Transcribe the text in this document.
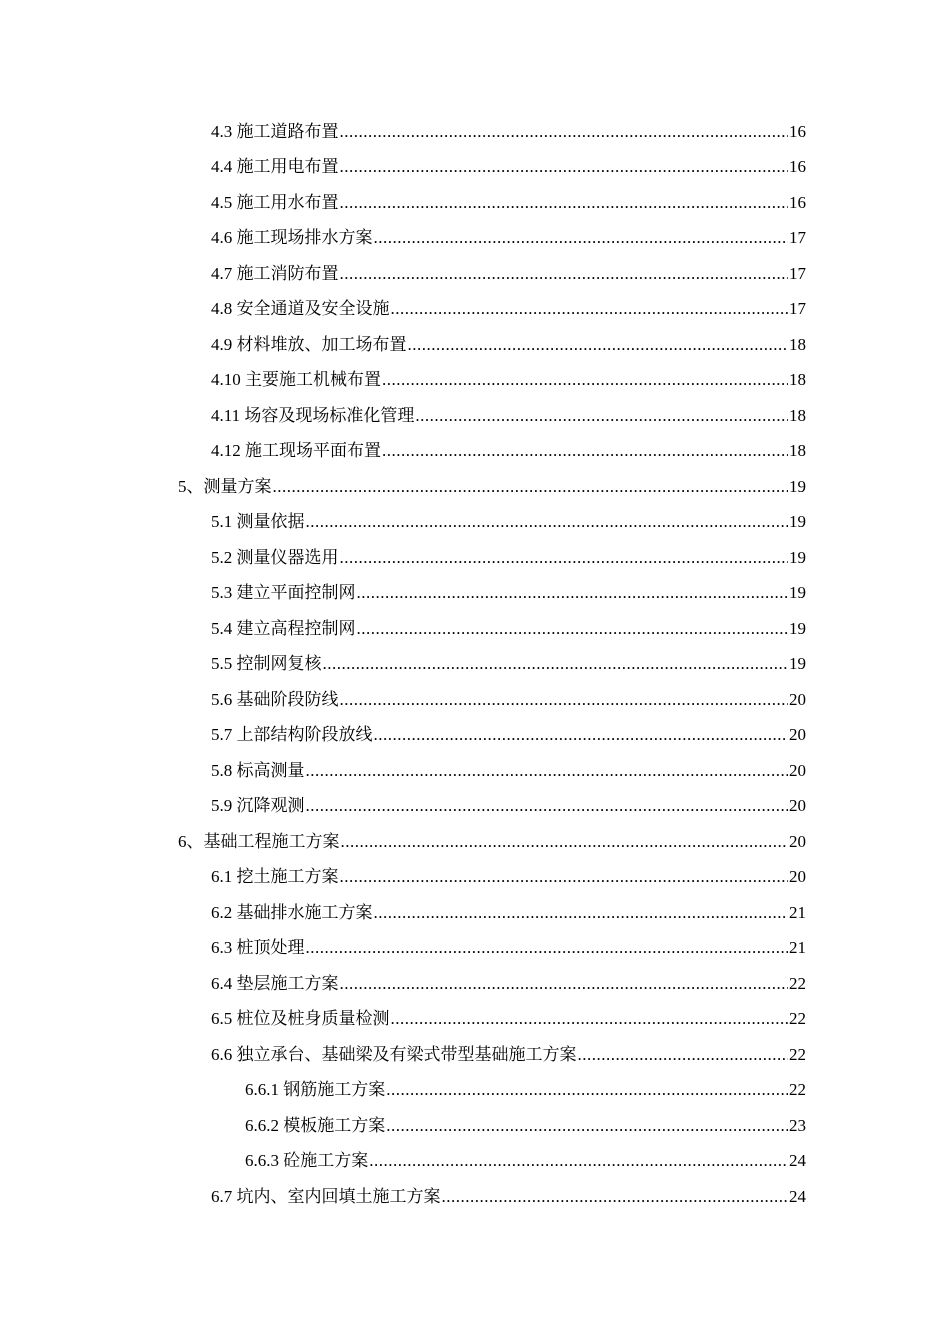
4.3 施工道路布置 .....	16
4.4 施工用电布置 .....	16
4.5 施工用水布置 .....	16
4.6 施工现场排水方案 .....	17
4.7 施工消防布置 .....	17
4.8 安全通道及安全设施 .....	17
4.9 材料堆放、加工场布置 .....	18
4.10 主要施工机械布置 .....	18
4.11 场容及现场标准化管理 .....	18
4.12 施工现场平面布置 .....	18
5、测量方案 .....	19
5.1 测量依据 .....	19
5.2 测量仪器选用 .....	19
5.3 建立平面控制网 .....	19
5.4 建立高程控制网 .....	19
5.5 控制网复核 .....	19
5.6 基础阶段防线 .....	20
5.7 上部结构阶段放线 .....	20
5.8 标高测量 .....	20
5.9 沉降观测 .....	20
6、基础工程施工方案 .....	20
6.1 挖土施工方案 .....	20
6.2 基础排水施工方案 .....	21
6.3 桩顶处理 .....	21
6.4 垫层施工方案 .....	22
6.5 桩位及桩身质量检测 .....	22
6.6 独立承台、基础梁及有梁式带型基础施工方案 .....	22
6.6.1 钢筋施工方案 .....	22
6.6.2 模板施工方案 .....	23
6.6.3 砼施工方案 .....	24
6.7 坑内、室内回填土施工方案 .....	24
